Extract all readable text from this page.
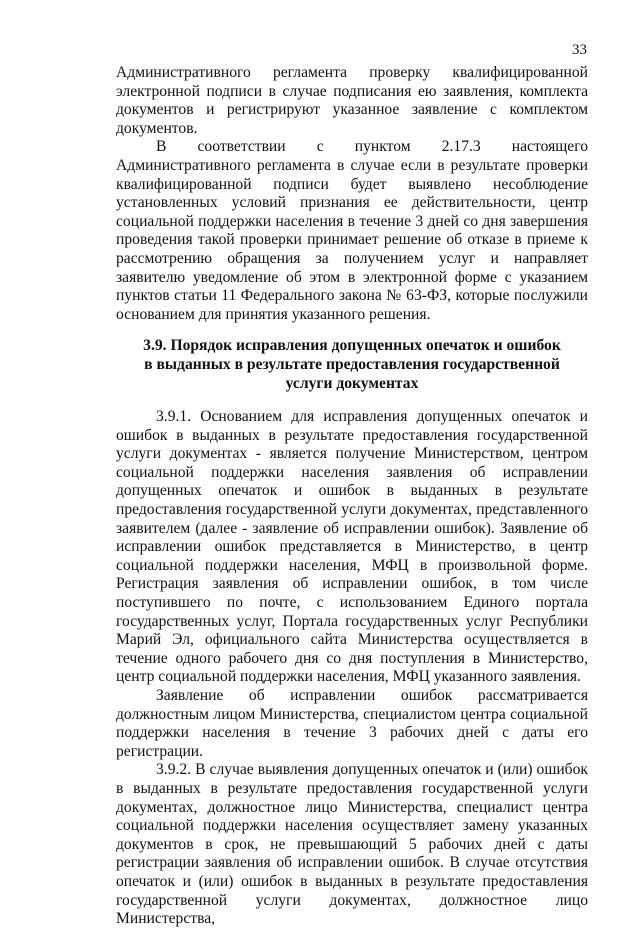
33

Административного регламента проверку квалифицированной электронной подписи в случае подписания ею заявления, комплекта документов и регистрируют указанное заявление с комплектом документов.

В соответствии с пунктом 2.17.3 настоящего Административного регламента в случае если в результате проверки квалифицированной подписи будет выявлено несоблюдение установленных условий признания ее действительности, центр социальной поддержки населения в течение 3 дней со дня завершения проведения такой проверки принимает решение об отказе в приеме к рассмотрению обращения за получением услуг и направляет заявителю уведомление об этом в электронной форме с указанием пунктов статьи 11 Федерального закона № 63-ФЗ, которые послужили основанием для принятия указанного решения.

3.9. Порядок исправления допущенных опечаток и ошибок
в выданных в результате предоставления государственной
услуги документах

3.9.1. Основанием для исправления допущенных опечаток и ошибок в выданных в результате предоставления государственной услуги документах - является получение Министерством, центром социальной поддержки населения заявления об исправлении допущенных опечаток и ошибок в выданных в результате предоставления государственной услуги документах, представленного заявителем (далее - заявление об исправлении ошибок). Заявление об исправлении ошибок представляется в Министерство, в центр социальной поддержки населения, МФЦ в произвольной форме. Регистрация заявления об исправлении ошибок, в том числе поступившего по почте, с использованием Единого портала государственных услуг, Портала государственных услуг Республики Марий Эл, официального сайта Министерства осуществляется в течение одного рабочего дня со дня поступления в Министерство, центр социальной поддержки населения, МФЦ указанного заявления.

Заявление об исправлении ошибок рассматривается должностным лицом Министерства, специалистом центра социальной поддержки населения в течение 3 рабочих дней с даты его регистрации.

3.9.2. В случае выявления допущенных опечаток и (или) ошибок в выданных в результате предоставления государственной услуги документах, должностное лицо Министерства, специалист центра социальной поддержки населения осуществляет замену указанных документов в срок, не превышающий 5 рабочих дней с даты регистрации заявления об исправлении ошибок. В случае отсутствия опечаток и (или) ошибок в выданных в результате предоставления государственной услуги документах, должностное лицо Министерства,
